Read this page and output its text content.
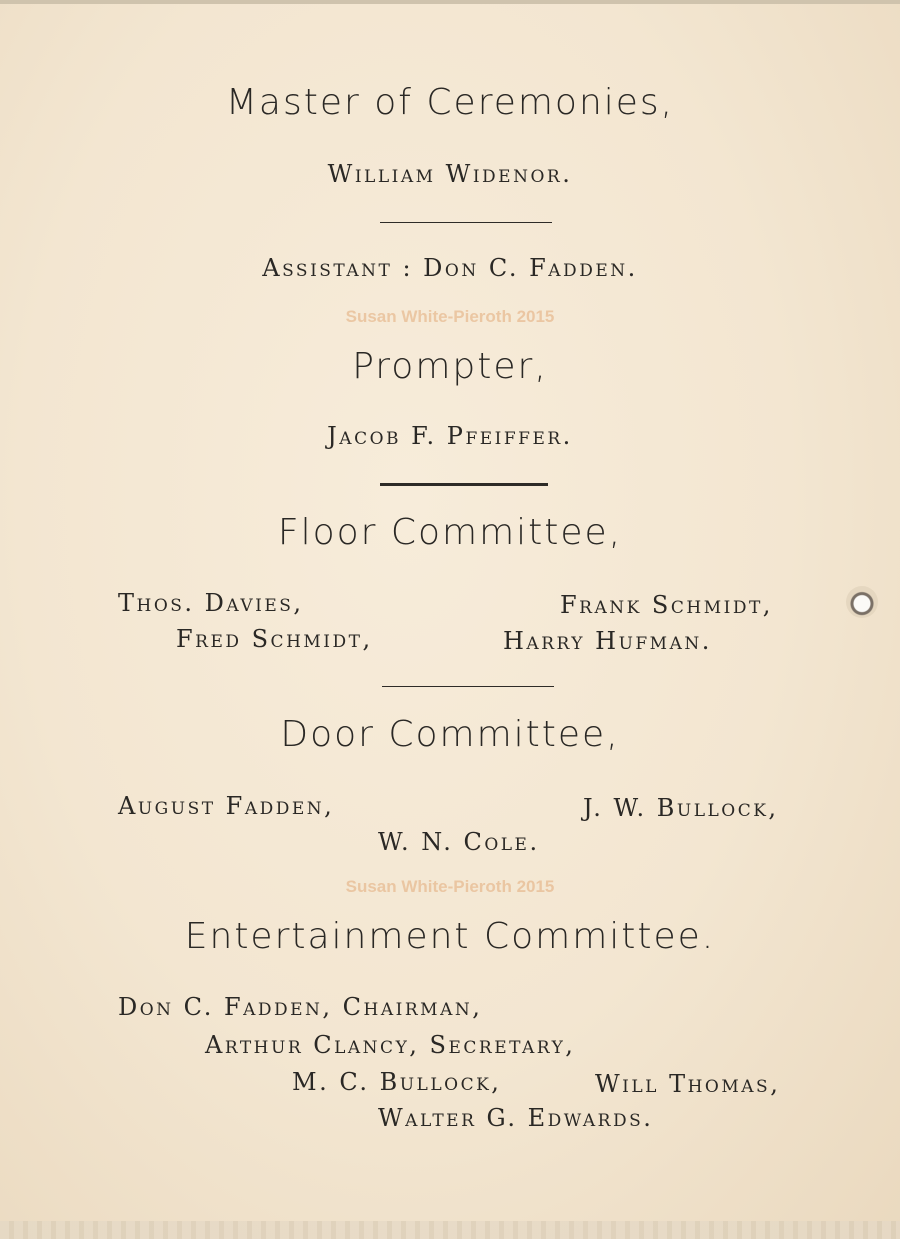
Master of Ceremonies,
William Widenor.
Assistant : Don C. Fadden.
Susan White-Pieroth 2015
Prompter,
Jacob F. Pfeiffer.
Floor Committee,
Thos. Davies,	Frank Schmidt,
Fred Schmidt,	Harry Hufman.
Door Committee,
August Fadden,	J. W. Bullock,
W. N. Cole.
Susan White-Pieroth 2015
Entertainment Committee.
Don C. Fadden, Chairman,
Arthur Clancy, Secretary,
M. C. Bullock,	Will Thomas,
Walter G. Edwards.
